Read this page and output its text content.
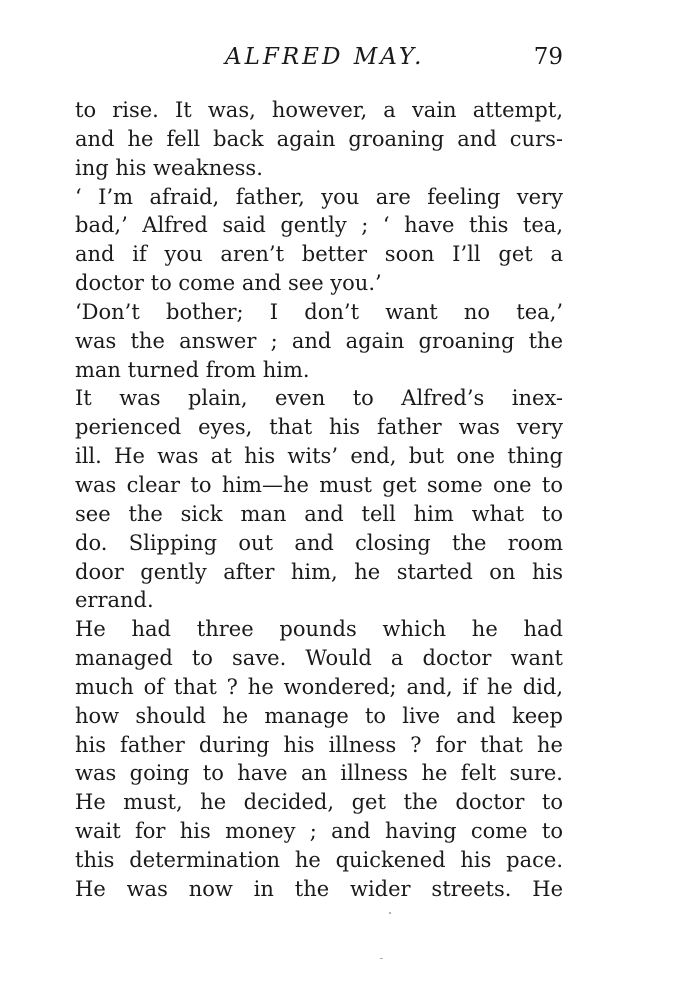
ALFRED MAY.	79
to rise. It was, however, a vain attempt,
and he fell back again groaning and curs-
ing his weakness.
‘ I’m afraid, father, you are feeling very
bad,’ Alfred said gently ; ‘ have this tea,
and if you aren’t better soon I’ll get a
doctor to come and see you.’
‘Don’t bother; I don’t want no tea,’
was the answer ; and again groaning the
man turned from him.
It was plain, even to Alfred’s inex-
perienced eyes, that his father was very
ill. He was at his wits’ end, but one thing
was clear to him—he must get some one to
see the sick man and tell him what to
do. Slipping out and closing the room
door gently after him, he started on his
errand.
He had three pounds which he had
managed to save. Would a doctor want
much of that ? he wondered; and, if he did,
how should he manage to live and keep
his father during his illness ? for that he
was going to have an illness he felt sure.
He must, he decided, get the doctor to
wait for his money ; and having come to
this determination he quickened his pace.
He was now in the wider streets. He
